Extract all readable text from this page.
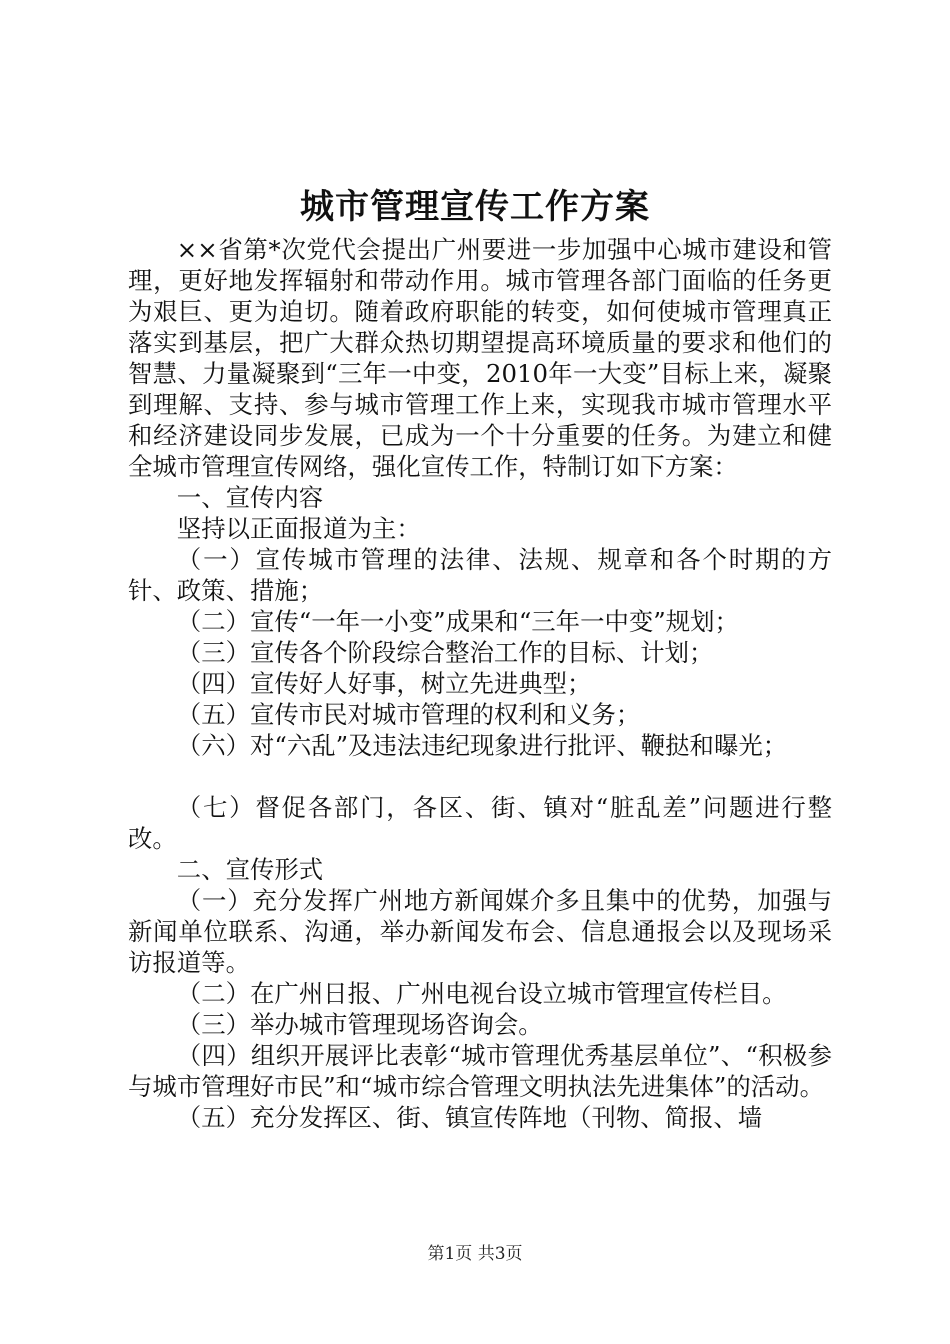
城市管理宣传工作方案

××省第*次党代会提出广州要进一步加强中心城市建设和管理，更好地发挥辐射和带动作用。城市管理各部门面临的任务更为艰巨、更为迫切。随着政府职能的转变，如何使城市管理真正落实到基层，把广大群众热切期望提高环境质量的要求和他们的智慧、力量凝聚到“三年一中变，2010年一大变”目标上来，凝聚到理解、支持、参与城市管理工作上来，实现我市城市管理水平和经济建设同步发展，已成为一个十分重要的任务。为建立和健全城市管理宣传网络，强化宣传工作，特制订如下方案：

一、宣传内容

坚持以正面报道为主：

（一）宣传城市管理的法律、法规、规章和各个时期的方针、政策、措施；

（二）宣传“一年一小变”成果和“三年一中变”规划；

（三）宣传各个阶段综合整治工作的目标、计划；

（四）宣传好人好事，树立先进典型；

（五）宣传市民对城市管理的权利和义务；

（六）对“六乱”及违法违纪现象进行批评、鞭挞和曝光；

（七）督促各部门，各区、街、镇对“脏乱差”问题进行整改。

二、宣传形式

（一）充分发挥广州地方新闻媒介多且集中的优势，加强与新闻单位联系、沟通，举办新闻发布会、信息通报会以及现场采访报道等。

（二）在广州日报、广州电视台设立城市管理宣传栏目。

（三）举办城市管理现场咨询会。

（四）组织开展评比表彰“城市管理优秀基层单位”、“积极参与城市管理好市民”和“城市综合管理文明执法先进集体”的活动。

（五）充分发挥区、街、镇宣传阵地（刊物、简报、墙

第1页 共3页
